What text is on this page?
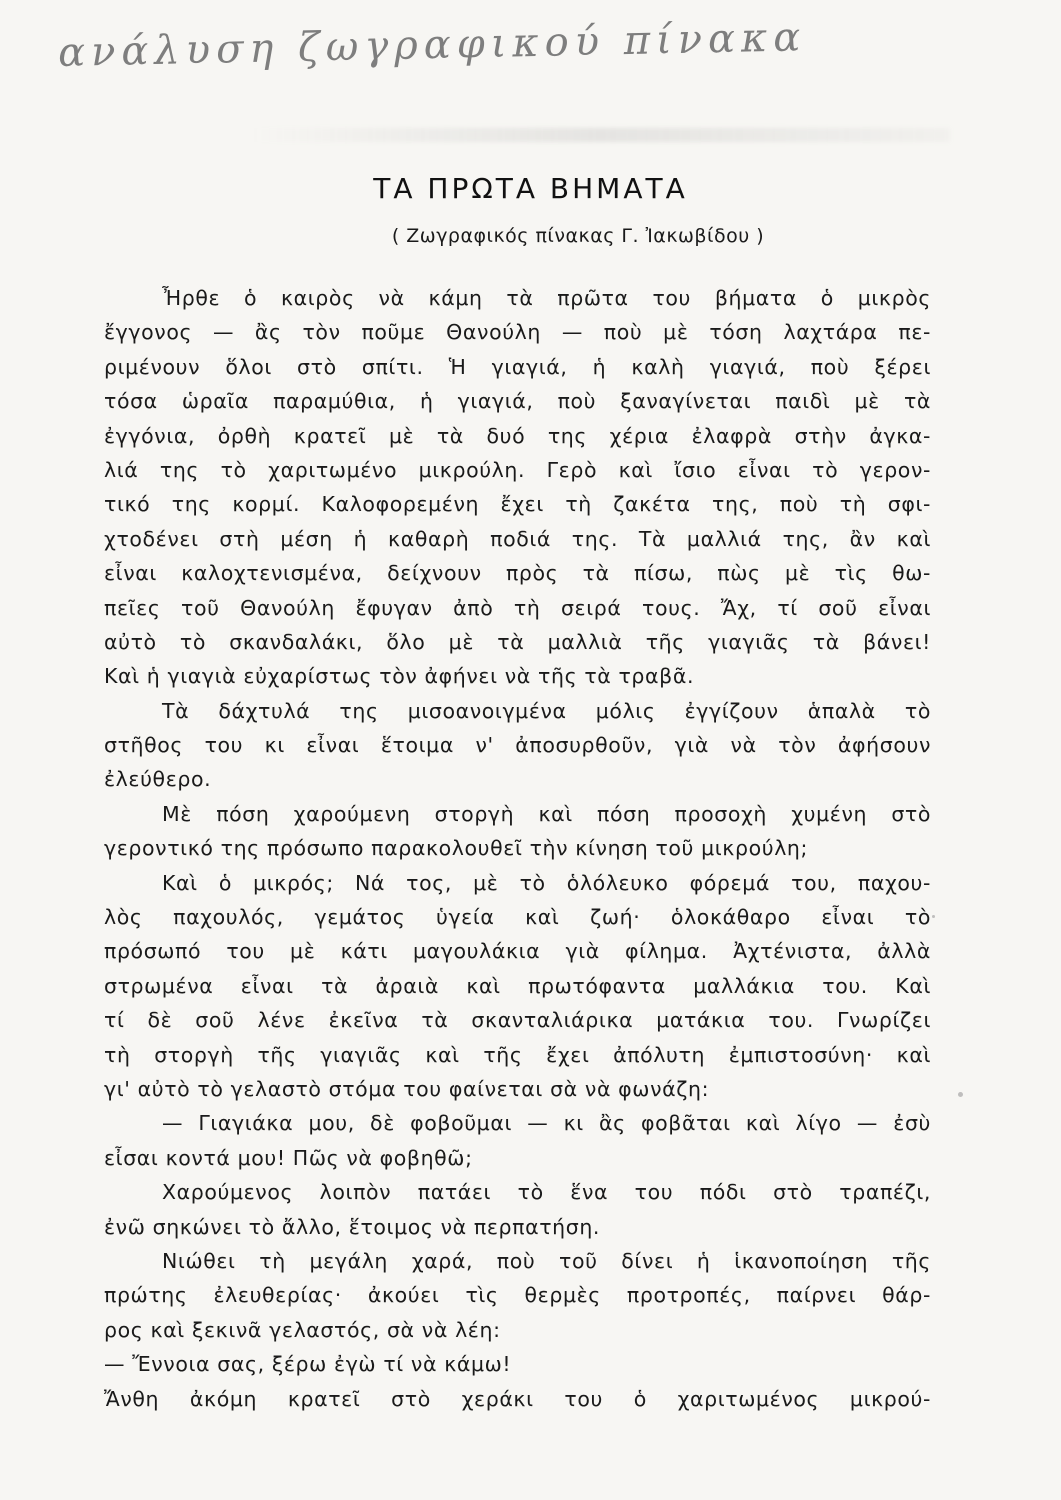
ανάλυση ζωγραφικού πίνακα
ΤΑ ΠΡΩΤΑ ΒΗΜΑΤΑ
( Ζωγραφικός πίνακας Γ. Ἰακωβίδου )
Ἦρθε ὁ καιρὸς νὰ κάμη τὰ πρῶτα του βήματα ὁ μικρὸς
ἔγγονος — ἂς τὸν ποῦμε Θανούλη — ποὺ μὲ τόση λαχτάρα πε-
ριμένουν ὅλοι στὸ σπίτι. Ἡ γιαγιά, ἡ καλὴ γιαγιά, ποὺ ξέρει
τόσα ὡραῖα παραμύθια, ἡ γιαγιά, ποὺ ξαναγίνεται παιδὶ μὲ τὰ
ἐγγόνια, ὀρθὴ κρατεῖ μὲ τὰ δυό της χέρια ἐλαφρὰ στὴν ἀγκα-
λιά της τὸ χαριτωμένο μικρούλη. Γερὸ καὶ ἴσιο εἶναι τὸ γερον-
τικό της κορμί. Καλοφορεμένη ἔχει τὴ ζακέτα της, ποὺ τὴ σφι-
χτοδένει στὴ μέση ἡ καθαρὴ ποδιά της. Τὰ μαλλιά της, ἂν καὶ
εἶναι καλοχτενισμένα, δείχνουν πρὸς τὰ πίσω, πὼς μὲ τὶς θω-
πεῖες τοῦ Θανούλη ἔφυγαν ἀπὸ τὴ σειρά τους. Ἄχ, τί σοῦ εἶναι
αὐτὸ τὸ σκανδαλάκι, ὅλο μὲ τὰ μαλλιὰ τῆς γιαγιᾶς τὰ βάνει!
Καὶ ἡ γιαγιὰ εὐχαρίστως τὸν ἀφήνει νὰ τῆς τὰ τραβᾶ.
Τὰ δάχτυλά της μισοανοιγμένα μόλις ἐγγίζουν ἁπαλὰ τὸ
στῆθος του κι εἶναι ἕτοιμα ν' ἀποσυρθοῦν, γιὰ νὰ τὸν ἀφήσουν
ἐλεύθερο.
Μὲ πόση χαρούμενη στοργὴ καὶ πόση προσοχὴ χυμένη στὸ
γεροντικό της πρόσωπο παρακολουθεῖ τὴν κίνηση τοῦ μικρούλη;
Καὶ ὁ μικρός; Νά τος, μὲ τὸ ὁλόλευκο φόρεμά του, παχου-
λὸς παχουλός, γεμάτος ὑγεία καὶ ζωή· ὁλοκάθαρο εἶναι τὸ
πρόσωπό του μὲ κάτι μαγουλάκια γιὰ φίλημα. Ἀχτένιστα, ἀλλὰ
στρωμένα εἶναι τὰ ἀραιὰ καὶ πρωτόφαντα μαλλάκια του. Καὶ
τί δὲ σοῦ λένε ἐκεῖνα τὰ σκανταλιάρικα ματάκια του. Γνωρίζει
τὴ στοργὴ τῆς γιαγιᾶς καὶ τῆς ἔχει ἀπόλυτη ἐμπιστοσύνη· καὶ
γι' αὐτὸ τὸ γελαστὸ στόμα του φαίνεται σὰ νὰ φωνάζη:
— Γιαγιάκα μου, δὲ φοβοῦμαι — κι ἂς φοβᾶται καὶ λίγο — ἐσὺ
εἶσαι κοντά μου! Πῶς νὰ φοβηθῶ;
Χαρούμενος λοιπὸν πατάει τὸ ἕνα του πόδι στὸ τραπέζι,
ἐνῶ σηκώνει τὸ ἄλλο, ἕτοιμος νὰ περπατήση.
Νιώθει τὴ μεγάλη χαρά, ποὺ τοῦ δίνει ἡ ἱκανοποίηση τῆς
πρώτης ἐλευθερίας· ἀκούει τὶς θερμὲς προτροπές, παίρνει θάρ-
ρος καὶ ξεκινᾶ γελαστός, σὰ νὰ λέη:
— Ἔννοια σας, ξέρω ἐγὼ τί νὰ κάμω!
Ἄνθη ἀκόμη κρατεῖ στὸ χεράκι του ὁ χαριτωμένος μικρού-
